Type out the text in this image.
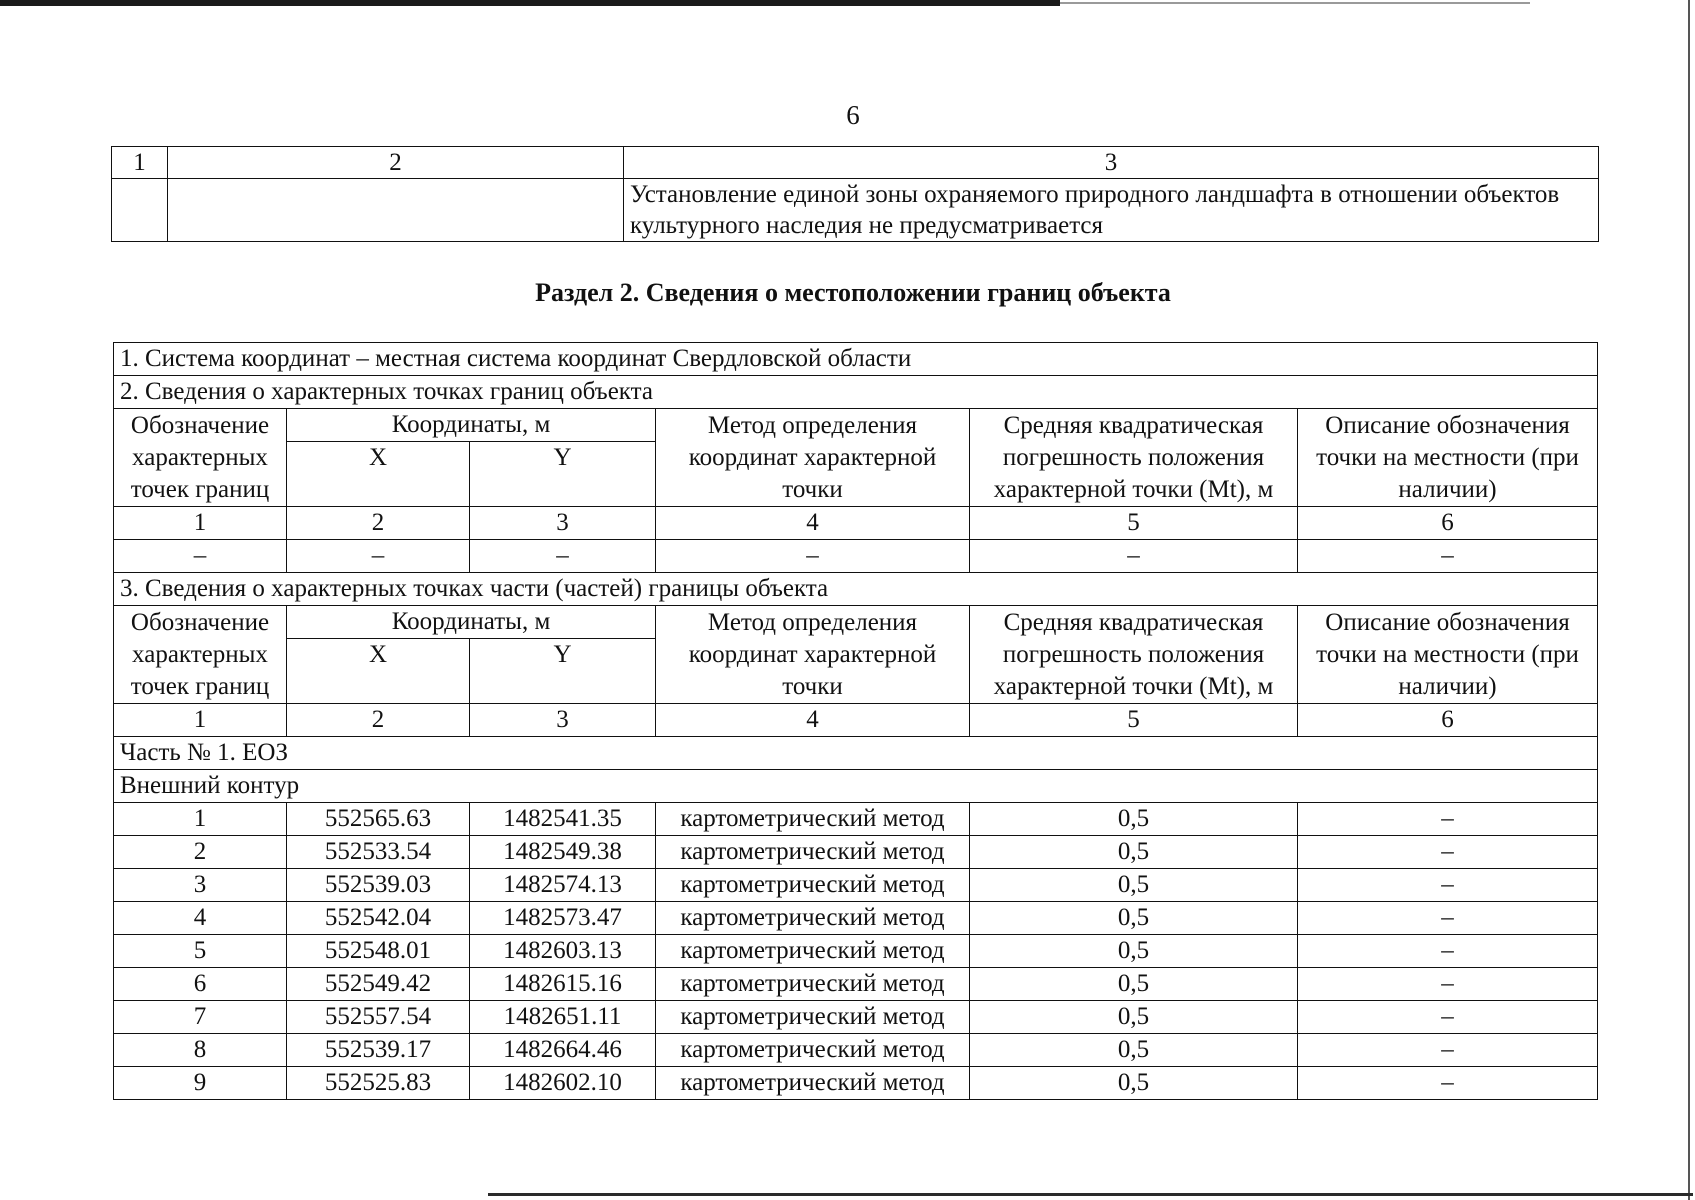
6
1	2	3
		Установление единой зоны охраняемого природного ландшафта в отношении объектов культурного наследия не предусматривается
Раздел 2. Сведения о местоположении границ объекта
1. Система координат – местная система координат Свердловской области					
2. Сведения о характерных точках границ объекта					
Обозначение характерных точек границ	Координаты, м		Метод определения координат характерной точки	Средняя квадратическая погрешность положения характерной точки (Mt), м	Описание обозначения точки на местности (при наличии)
	X	Y			
1	2	3	4	5	6
–	–	–	–	–	–
3. Сведения о характерных точках части (частей) границы объекта					
Обозначение характерных точек границ	Координаты, м		Метод определения координат характерной точки	Средняя квадратическая погрешность положения характерной точки (Mt), м	Описание обозначения точки на местности (при наличии)
	X	Y			
1	2	3	4	5	6
Часть № 1. ЕОЗ					
Внешний контур					
1	552565.63	1482541.35	картометрический метод	0,5	–
2	552533.54	1482549.38	картометрический метод	0,5	–
3	552539.03	1482574.13	картометрический метод	0,5	–
4	552542.04	1482573.47	картометрический метод	0,5	–
5	552548.01	1482603.13	картометрический метод	0,5	–
6	552549.42	1482615.16	картометрический метод	0,5	–
7	552557.54	1482651.11	картометрический метод	0,5	–
8	552539.17	1482664.46	картометрический метод	0,5	–
9	552525.83	1482602.10	картометрический метод	0,5	–
